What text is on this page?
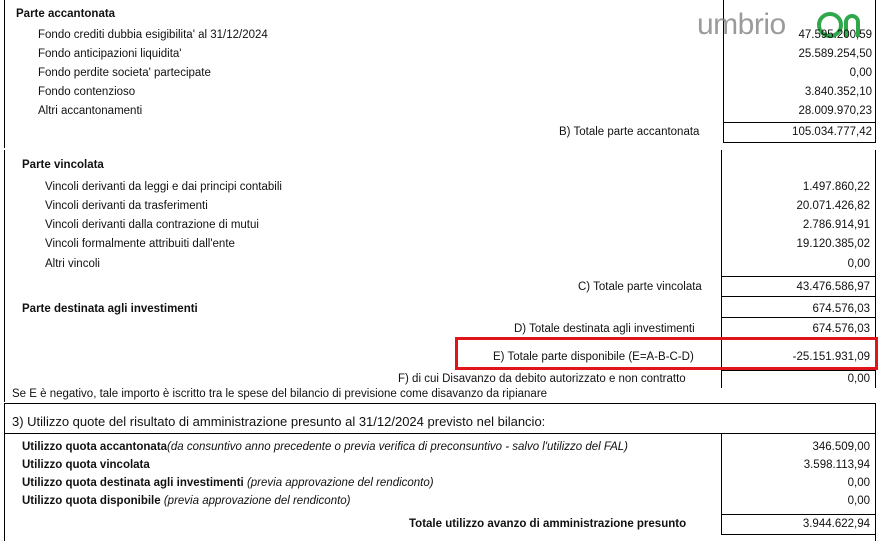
umbrio
Parte accantonata
Fondo crediti dubbia esigibilita' al 31/12/2024	47.595.200,59
Fondo anticipazioni liquidita'	25.589.254,50
Fondo perdite societa' partecipate	0,00
Fondo contenzioso	3.840.352,10
Altri accantonamenti	28.009.970,23
B) Totale parte accantonata	105.034.777,42
Parte vincolata
Vincoli derivanti da leggi e dai principi contabili	1.497.860,22
Vincoli derivanti da trasferimenti	20.071.426,82
Vincoli derivanti dalla contrazione di mutui	2.786.914,91
Vincoli formalmente attribuiti dall'ente	19.120.385,02
Altri vincoli	0,00
C) Totale parte vincolata	43.476.586,97
Parte destinata agli investimenti	674.576,03
D) Totale destinata agli investimenti	674.576,03
E) Totale parte disponibile (E=A-B-C-D)	-25.151.931,09
F) di cui Disavanzo da debito autorizzato e non contratto	0,00
Se E è negativo, tale importo è iscritto tra le spese del bilancio di previsione come disavanzo da ripianare
3) Utilizzo quote del risultato di amministrazione presunto al 31/12/2024 previsto nel bilancio:
Utilizzo quota accantonata(da consuntivo anno precedente o previa verifica di preconsuntivo - salvo l'utilizzo del FAL)	346.509,00
Utilizzo quota vincolata	3.598.113,94
Utilizzo quota destinata agli investimenti (previa approvazione del rendiconto)	0,00
Utilizzo quota disponibile (previa approvazione del rendiconto)	0,00
Totale utilizzo avanzo di amministrazione presunto	3.944.622,94
